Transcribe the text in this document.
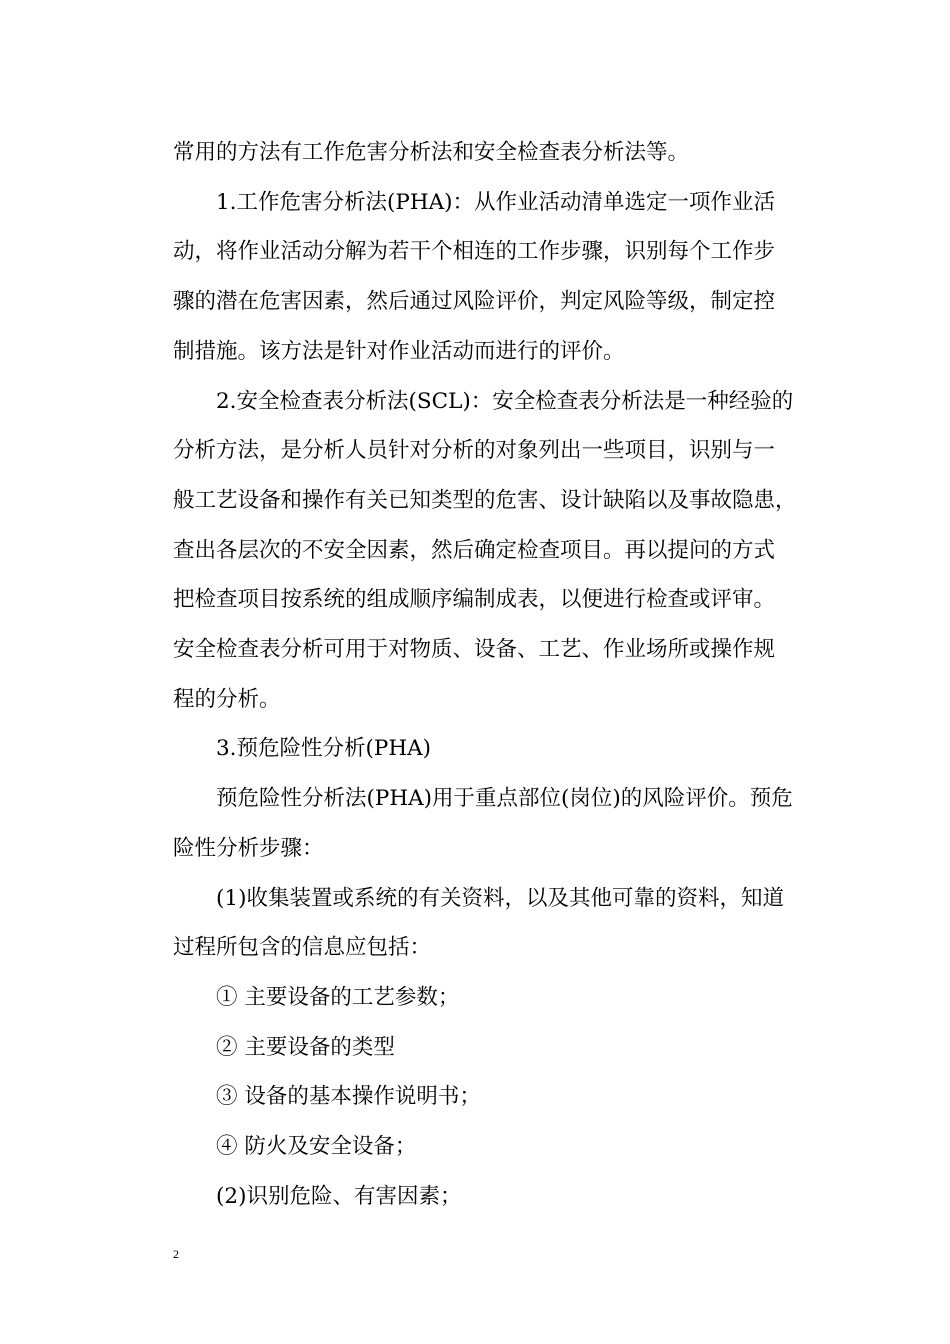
常用的方法有工作危害分析法和安全检查表分析法等。

　　1.工作危害分析法(PHA)：从作业活动清单选定一项作业活
动，将作业活动分解为若干个相连的工作步骤，识别每个工作步
骤的潜在危害因素，然后通过风险评价，判定风险等级，制定控
制措施。该方法是针对作业活动而进行的评价。

　　2.安全检查表分析法(SCL)：安全检查表分析法是一种经验的
分析方法，是分析人员针对分析的对象列出一些项目，识别与一
般工艺设备和操作有关已知类型的危害、设计缺陷以及事故隐患，
查出各层次的不安全因素，然后确定检查项目。再以提问的方式
把检查项目按系统的组成顺序编制成表，以便进行检查或评审。
安全检查表分析可用于对物质、设备、工艺、作业场所或操作规
程的分析。

　　3.预危险性分析(PHA)

　　预危险性分析法(PHA)用于重点部位(岗位)的风险评价。预危
险性分析步骤：

　　(1)收集装置或系统的有关资料，以及其他可靠的资料，知道
过程所包含的信息应包括：

　　① 主要设备的工艺参数；

　　② 主要设备的类型

　　③ 设备的基本操作说明书；

　　④ 防火及安全设备；

　　(2)识别危险、有害因素；

2
